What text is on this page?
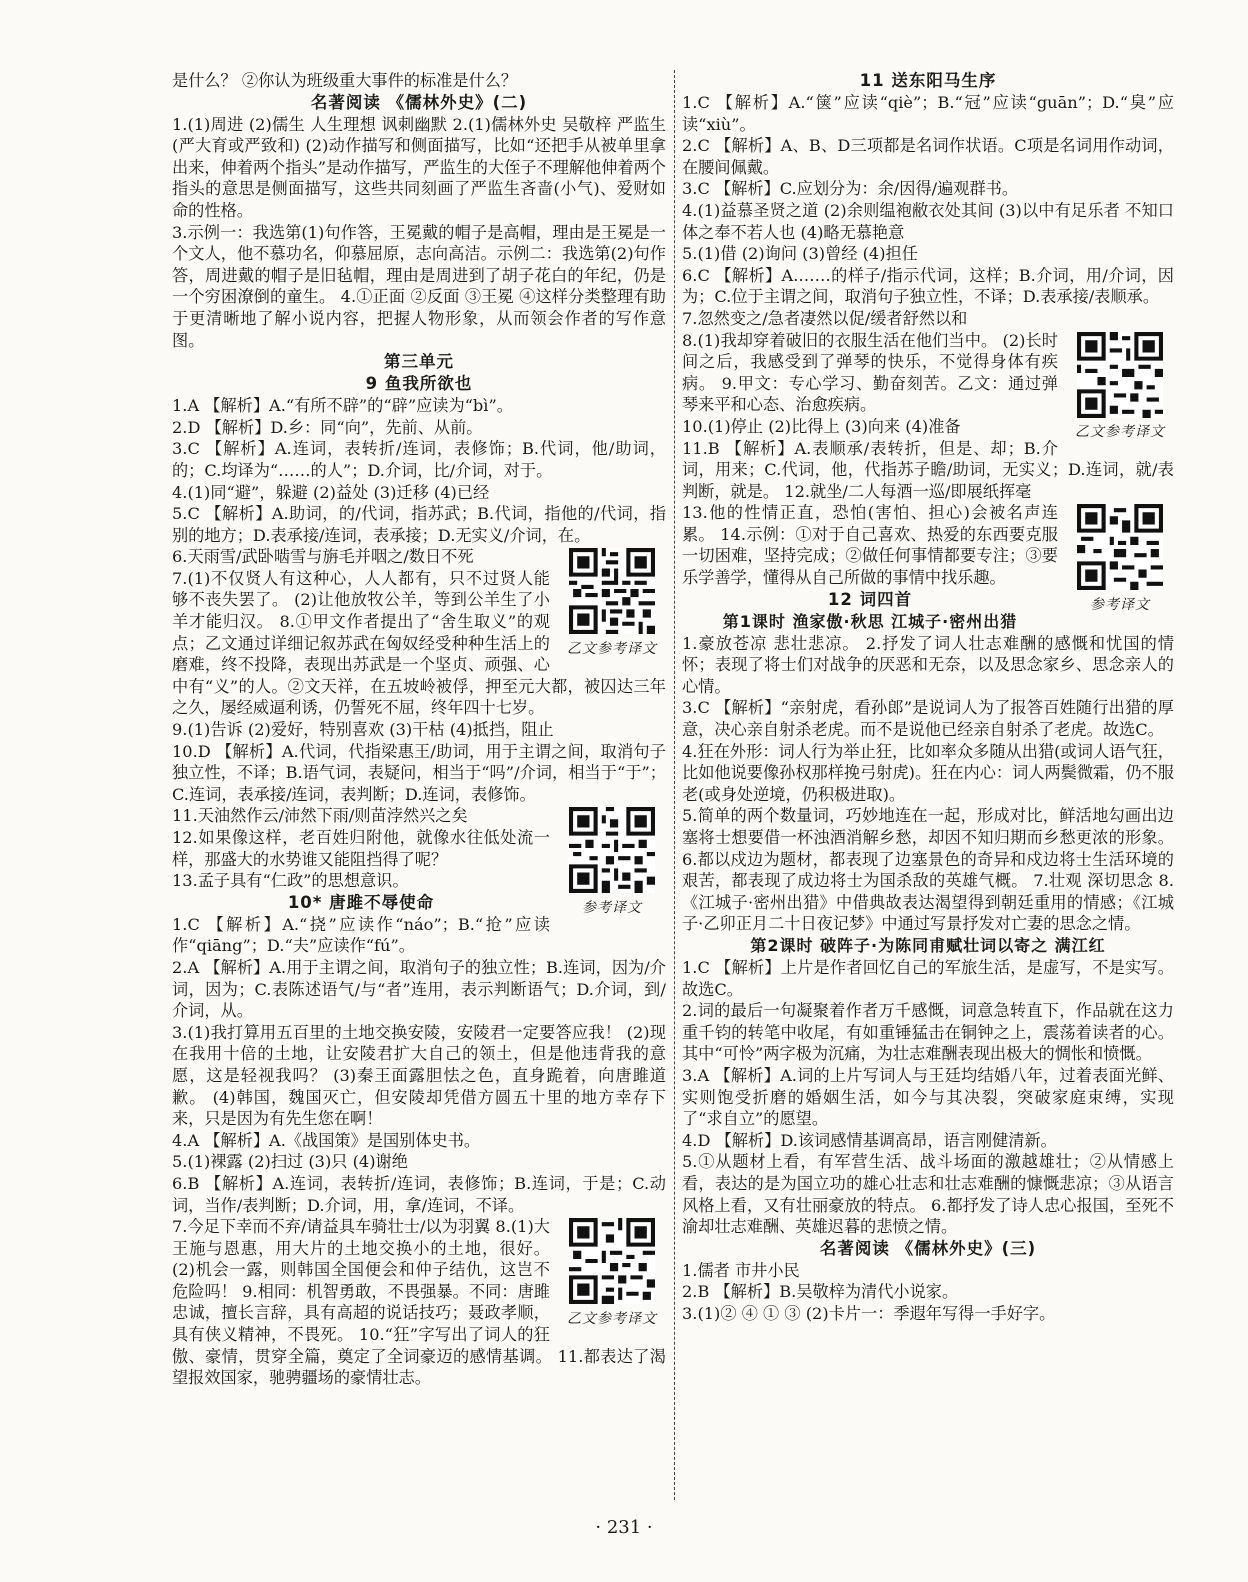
是什么？ ②你认为班级重大事件的标准是什么？

名著阅读 《儒林外史》(二)

1.(1)周进 (2)儒生 人生理想 讽刺幽默 2.(1)儒林外史 吴敬梓 严监生(严大育或严致和) (2)动作描写和侧面描写，比如“还把手从被单里拿出来，伸着两个指头”是动作描写，严监生的大侄子不理解他伸着两个指头的意思是侧面描写，这些共同刻画了严监生吝啬(小气)、爱财如命的性格。

3.示例一：我选第(1)句作答，王冕戴的帽子是高帽，理由是王冕是一个文人，他不慕功名，仰慕屈原，志向高洁。示例二：我选第(2)句作答，周进戴的帽子是旧毡帽，理由是周进到了胡子花白的年纪，仍是一个穷困潦倒的童生。 4.①正面 ②反面 ③王冕 ④这样分类整理有助于更清晰地了解小说内容，把握人物形象，从而领会作者的写作意图。

第三单元
9 鱼我所欲也

1.A 【解析】A.“有所不辟”的“辟”应读为“bì”。

2.D 【解析】D.乡：同“向”，先前、从前。

3.C 【解析】A.连词，表转折/连词，表修饰；B.代词，他/助词，的；C.均译为“……的人”；D.介词，比/介词，对于。

4.(1)同“避”，躲避 (2)益处 (3)迁移 (4)已经

5.C 【解析】A.助词，的/代词，指苏武；B.代词，指他的/代词，指别的地方；D.表承接/连词，表承接；D.无实义/介词，在。

乙文参考译文

6.天雨雪/武卧啮雪与旃毛并咽之/数日不死

7.(1)不仅贤人有这种心，人人都有，只不过贤人能够不丧失罢了。 (2)让他放牧公羊，等到公羊生了小羊才能归汉。 8.①甲文作者提出了“舍生取义”的观点；乙文通过详细记叙苏武在匈奴经受种种生活上的磨难，终不投降，表现出苏武是一个坚贞、顽强、心中有“义”的人。②文天祥，在五坡岭被俘，押至元大都，被囚达三年之久，屡经威逼利诱，仍誓死不屈，终年四十七岁。

9.(1)告诉 (2)爱好，特别喜欢 (3)干枯 (4)抵挡，阻止

10.D 【解析】A.代词，代指梁惠王/助词，用于主谓之间，取消句子独立性，不译；B.语气词，表疑问，相当于“吗”/介词，相当于“于”；C.连词，表承接/连词，表判断；D.连词，表修饰。

参考译文

11.天油然作云/沛然下雨/则苗浡然兴之矣

12.如果像这样，老百姓归附他，就像水往低处流一样，那盛大的水势谁又能阻挡得了呢？

13.孟子具有“仁政”的思想意识。

10* 唐雎不辱使命

1.C 【解析】A.“挠”应读作“náo”；B.“抢”应读作“qiāng”；D.“夫”应读作“fú”。

2.A 【解析】A.用于主谓之间，取消句子的独立性；B.连词，因为/介词，因为；C.表陈述语气/与“者”连用，表示判断语气；D.介词，到/介词，从。

3.(1)我打算用五百里的土地交换安陵，安陵君一定要答应我！ (2)现在我用十倍的土地，让安陵君扩大自己的领土，但是他违背我的意愿，这是轻视我吗？ (3)秦王面露胆怯之色，直身跪着，向唐雎道歉。 (4)韩国，魏国灭亡，但安陵却凭借方圆五十里的地方幸存下来，只是因为有先生您在啊！

4.A 【解析】A.《战国策》是国别体史书。

5.(1)裸露 (2)扫过 (3)只 (4)谢绝

6.B 【解析】A.连词，表转折/连词，表修饰；B.连词，于是；C.动词，当作/表判断；D.介词，用，拿/连词，不译。

乙文参考译文

7.今足下幸而不弃/请益具车骑壮士/以为羽翼 8.(1)大王施与恩惠，用大片的土地交换小的土地，很好。 (2)机会一露，则韩国全国便会和仲子结仇，这岂不危险吗！ 9.相同：机智勇敢，不畏强暴。不同：唐雎忠诚，擅长言辞，具有高超的说话技巧；聂政孝顺，具有侠义精神，不畏死。 10.“狂”字写出了词人的狂傲、豪情，贯穿全篇，奠定了全词豪迈的感情基调。 11.都表达了渴望报效国家，驰骋疆场的豪情壮志。

11 送东阳马生序

1.C 【解析】A.“箧”应读“qiè”；B.“冠”应读“guān”；D.“臭”应读“xiù”。

2.C 【解析】A、B、D三项都是名词作状语。C项是名词用作动词，在腰间佩戴。

3.C 【解析】C.应划分为：余/因得/遍观群书。

4.(1)益慕圣贤之道 (2)余则缊袍敝衣处其间 (3)以中有足乐者 不知口体之奉不若人也 (4)略无慕艳意

5.(1)借 (2)询问 (3)曾经 (4)担任

6.C 【解析】A.……的样子/指示代词，这样；B.介词，用/介词，因为；C.位于主谓之间，取消句子独立性，不译；D.表承接/表顺承。

7.忽然变之/急者凄然以促/缓者舒然以和

乙文参考译文

8.(1)我却穿着破旧的衣服生活在他们当中。 (2)长时间之后，我感受到了弹琴的快乐，不觉得身体有疾病。 9.甲文：专心学习、勤奋刻苦。乙文：通过弹琴来平和心态、治愈疾病。

10.(1)停止 (2)比得上 (3)向来 (4)准备

11.B 【解析】A.表顺承/表转折，但是、却；B.介词，用来；C.代词，他，代指苏子瞻/助词，无实义；D.连词，就/表判断，就是。 12.就坐/二人每酒一巡/即展纸挥毫

参考译文

13.他的性情正直，恐怕(害怕、担心)会被名声连累。 14.示例：①对于自己喜欢、热爱的东西要克服一切困难，坚持完成；②做任何事情都要专注；③要乐学善学，懂得从自己所做的事情中找乐趣。

12 词四首
第1课时 渔家傲·秋思 江城子·密州出猎

1.豪放苍凉 悲壮悲凉。 2.抒发了词人壮志难酬的感慨和忧国的情怀；表现了将士们对战争的厌恶和无奈，以及思念家乡、思念亲人的心情。

3.C 【解析】“亲射虎，看孙郎”是说词人为了报答百姓随行出猎的厚意，决心亲自射杀老虎。而不是说他已经亲自射杀了老虎。故选C。

4.狂在外形：词人行为举止狂，比如率众多随从出猎(或词人语气狂，比如他说要像孙权那样挽弓射虎)。狂在内心：词人两鬓微霜，仍不服老(或身处逆境，仍积极进取)。

5.简单的两个数量词，巧妙地连在一起，形成对比，鲜活地勾画出边塞将士想要借一杯浊酒消解乡愁，却因不知归期而乡愁更浓的形象。 6.都以戍边为题材，都表现了边塞景色的奇异和戍边将士生活环境的艰苦，都表现了成边将士为国杀敌的英雄气概。 7.壮观 深切思念 8.《江城子·密州出猎》中借典故表达渴望得到朝廷重用的情感；《江城子·乙卯正月二十日夜记梦》中通过写景抒发对亡妻的思念之情。

第2课时 破阵子·为陈同甫赋壮词以寄之 满江红

1.C 【解析】上片是作者回忆自己的军旅生活，是虚写，不是实写。故选C。

2.词的最后一句凝聚着作者万千感慨，词意急转直下，作品就在这力重千钧的转笔中收尾，有如重锤猛击在铜钟之上，震荡着读者的心。其中“可怜”两字极为沉痛，为壮志难酬表现出极大的惆怅和愤慨。

3.A 【解析】A.词的上片写词人与王廷均结婚八年，过着表面光鲜、实则饱受折磨的婚姻生活，如今与其决裂，突破家庭束缚，实现了“求自立”的愿望。

4.D 【解析】D.该词感情基调高昂，语言刚健清新。

5.①从题材上看，有军营生活、战斗场面的激越雄壮；②从情感上看，表达的是为国立功的雄心壮志和壮志难酬的慷慨悲凉；③从语言风格上看，又有壮丽豪放的特点。 6.都抒发了诗人忠心报国，至死不渝却壮志难酬、英雄迟暮的悲愤之情。

名著阅读 《儒林外史》(三)

1.儒者 市井小民

2.B 【解析】B.吴敬梓为清代小说家。

3.(1)② ④ ① ③ (2)卡片一：季遐年写得一手好字。

· 231 ·
